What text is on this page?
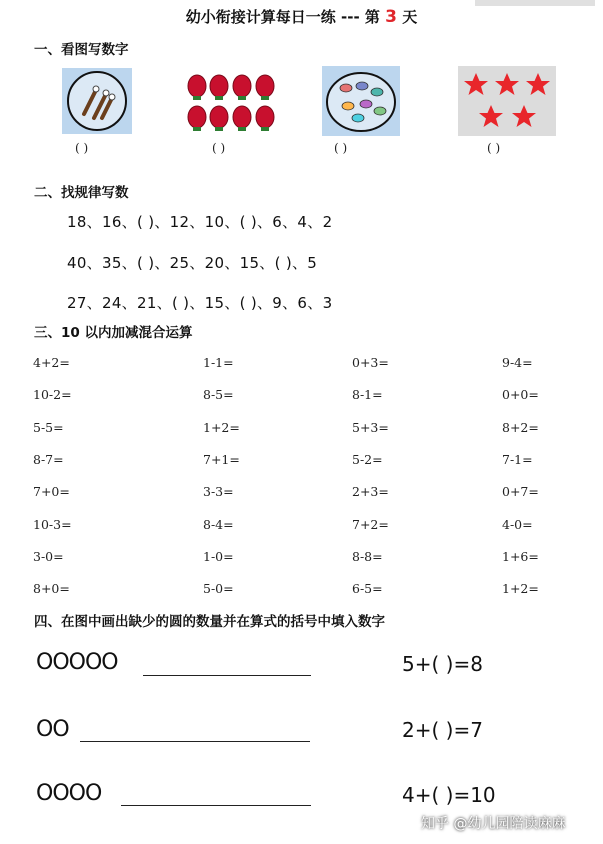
幼小衔接计算每日一练 --- 第 3 天
一、看图写数字
( )	( )	( )	( )
二、找规律写数
18、16、( )、12、10、( )、6、4、2
40、35、( )、25、20、15、( )、5
27、24、21、( )、15、( )、9、6、3
三、10 以内加减混合运算
4+2=	1-1=	0+3=	9-4=
10-2=	8-5=	8-1=	0+0=
5-5=	1+2=	5+3=	8+2=
8-7=	7+1=	5-2=	7-1=
7+0=	3-3=	2+3=	0+7=
10-3=	8-4=	7+2=	4-0=
3-0=	1-0=	8-8=	1+6=
8+0=	5-0=	6-5=	1+2=
四、在图中画出缺少的圆的数量并在算式的括号中填入数字
OOOOO	5+( )=8
OO	2+( )=7
OOOO	4+( )=10
知乎 @幼儿园陪读麻麻
